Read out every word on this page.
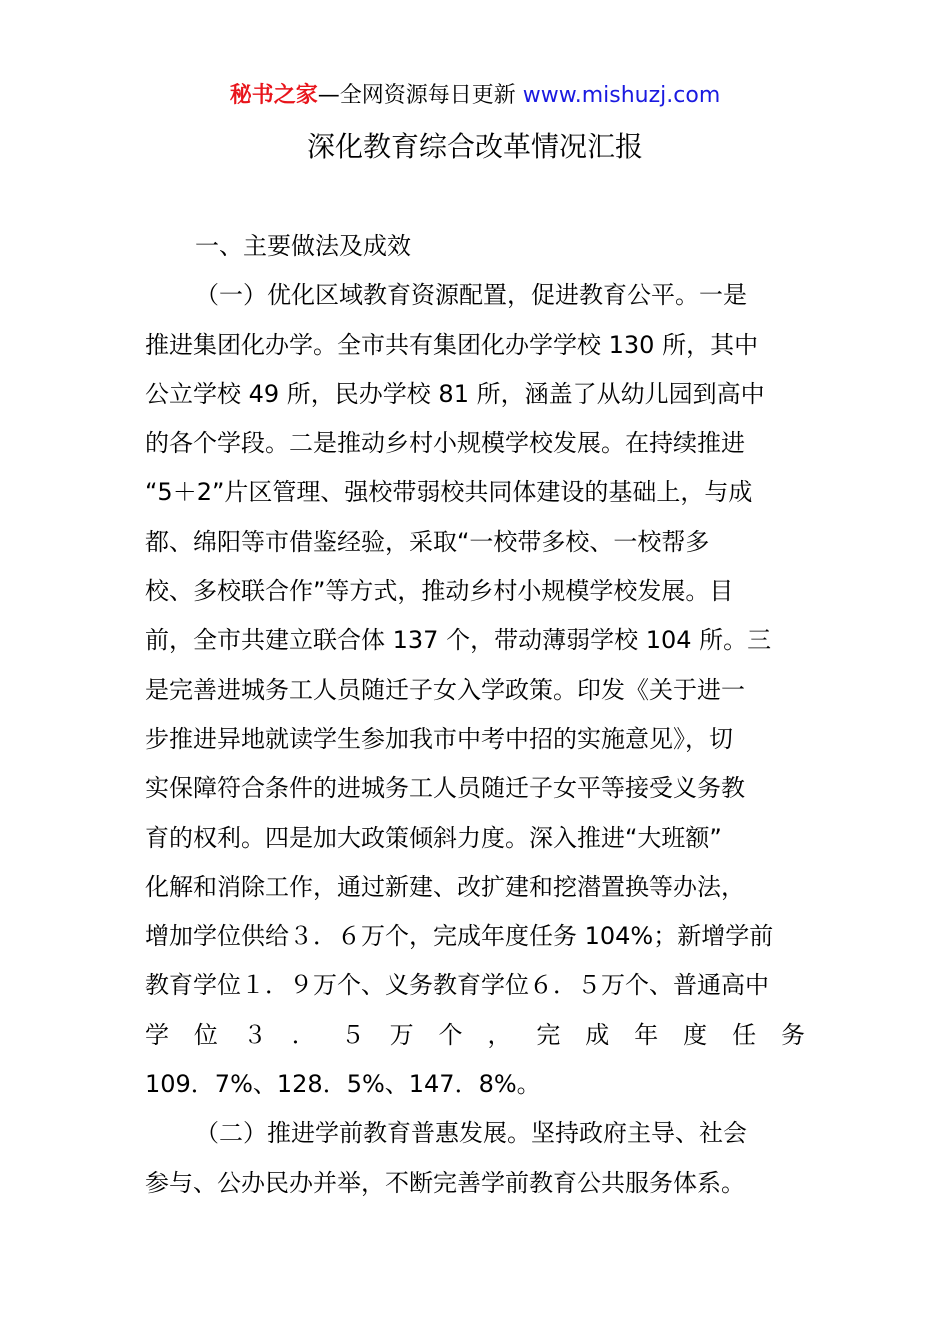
秘书之家—全网资源每日更新 www.mishuzj.com
深化教育综合改革情况汇报
一、主要做法及成效
（一）优化区域教育资源配置，促进教育公平。一是
推进集团化办学。全市共有集团化办学学校 130 所，其中
公立学校 49 所，民办学校 81 所，涵盖了从幼儿园到高中
的各个学段。二是推动乡村小规模学校发展。在持续推进
“5＋2”片区管理、强校带弱校共同体建设的基础上，与成
都、绵阳等市借鉴经验，采取“一校带多校、一校帮多
校、多校联合作”等方式，推动乡村小规模学校发展。目
前，全市共建立联合体 137 个，带动薄弱学校 104 所。三
是完善进城务工人员随迁子女入学政策。印发《关于进一
步推进异地就读学生参加我市中考中招的实施意见》，切
实保障符合条件的进城务工人员随迁子女平等接受义务教
育的权利。四是加大政策倾斜力度。深入推进“大班额”
化解和消除工作，通过新建、改扩建和挖潜置换等办法，
增加学位供给３．６万个，完成年度任务 104%；新增学前
教育学位１．９万个、义务教育学位６．５万个、普通高中
学 位 ３ ． ５ 万 个 ， 完 成 年 度 任 务
109．7%、128．5%、147．8%。
（二）推进学前教育普惠发展。坚持政府主导、社会
参与、公办民办并举，不断完善学前教育公共服务体系。
